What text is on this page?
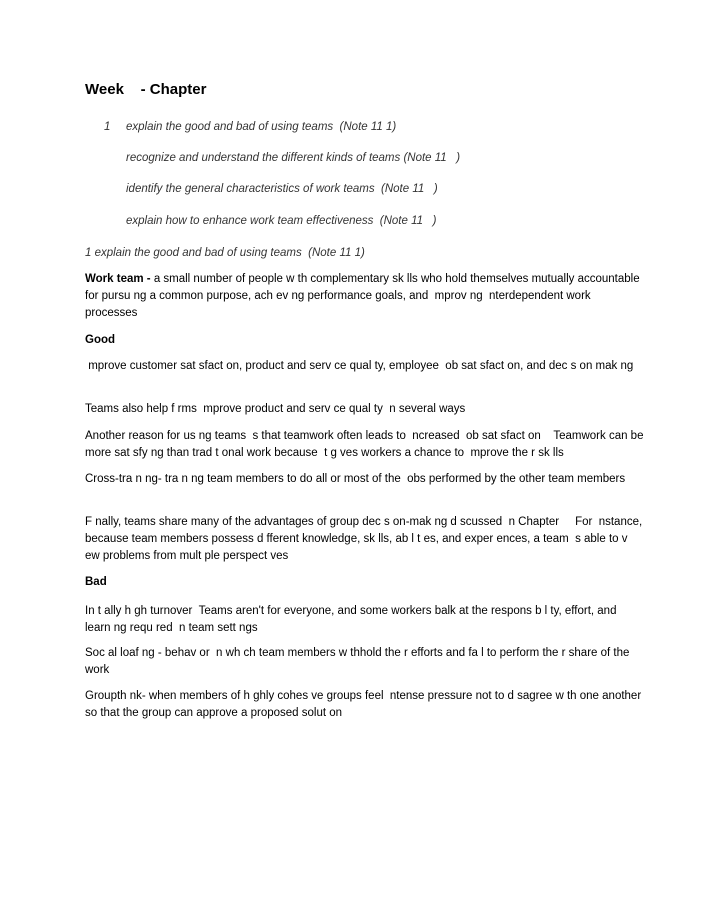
Week    - Chapter
1 explain the good and bad of using teams  (Note 11 1)
recognize and understand the different kinds of teams (Note 11   )
identify the general characteristics of work teams  (Note 11   )
explain how to enhance work team effectiveness  (Note 11   )
1 explain the good and bad of using teams  (Note 11 1)
Work team - a small number of people w th complementary sk lls who hold themselves mutually accountable for pursu ng a common purpose, ach ev ng performance goals, and  mprov ng  nterdependent work processes
Good
mprove customer sat sfact on, product and serv ce qual ty, employee  ob sat sfact on, and dec s on mak ng
Teams also help f rms  mprove product and serv ce qual ty  n several ways
Another reason for us ng teams  s that teamwork often leads to  ncreased  ob sat sfact on    Teamwork can be more sat sfy ng than trad t onal work because  t g ves workers a chance to  mprove the r sk lls
Cross-tra n ng- tra n ng team members to do all or most of the  obs performed by the other team members
F nally, teams share many of the advantages of group dec s on-mak ng d scussed  n Chapter     For  nstance, because team members possess d fferent knowledge, sk lls, ab l t es, and exper ences, a team  s able to v ew problems from mult ple perspect ves
Bad
In t ally h gh turnover  Teams aren't for everyone, and some workers balk at the respons b l ty, effort, and learn ng requ red  n team sett ngs
Soc al loaf ng - behav or  n wh ch team members w thhold the r efforts and fa l to perform the r share of the work
Groupth nk- when members of h ghly cohes ve groups feel  ntense pressure not to d sagree w th one another so that the group can approve a proposed solut on
